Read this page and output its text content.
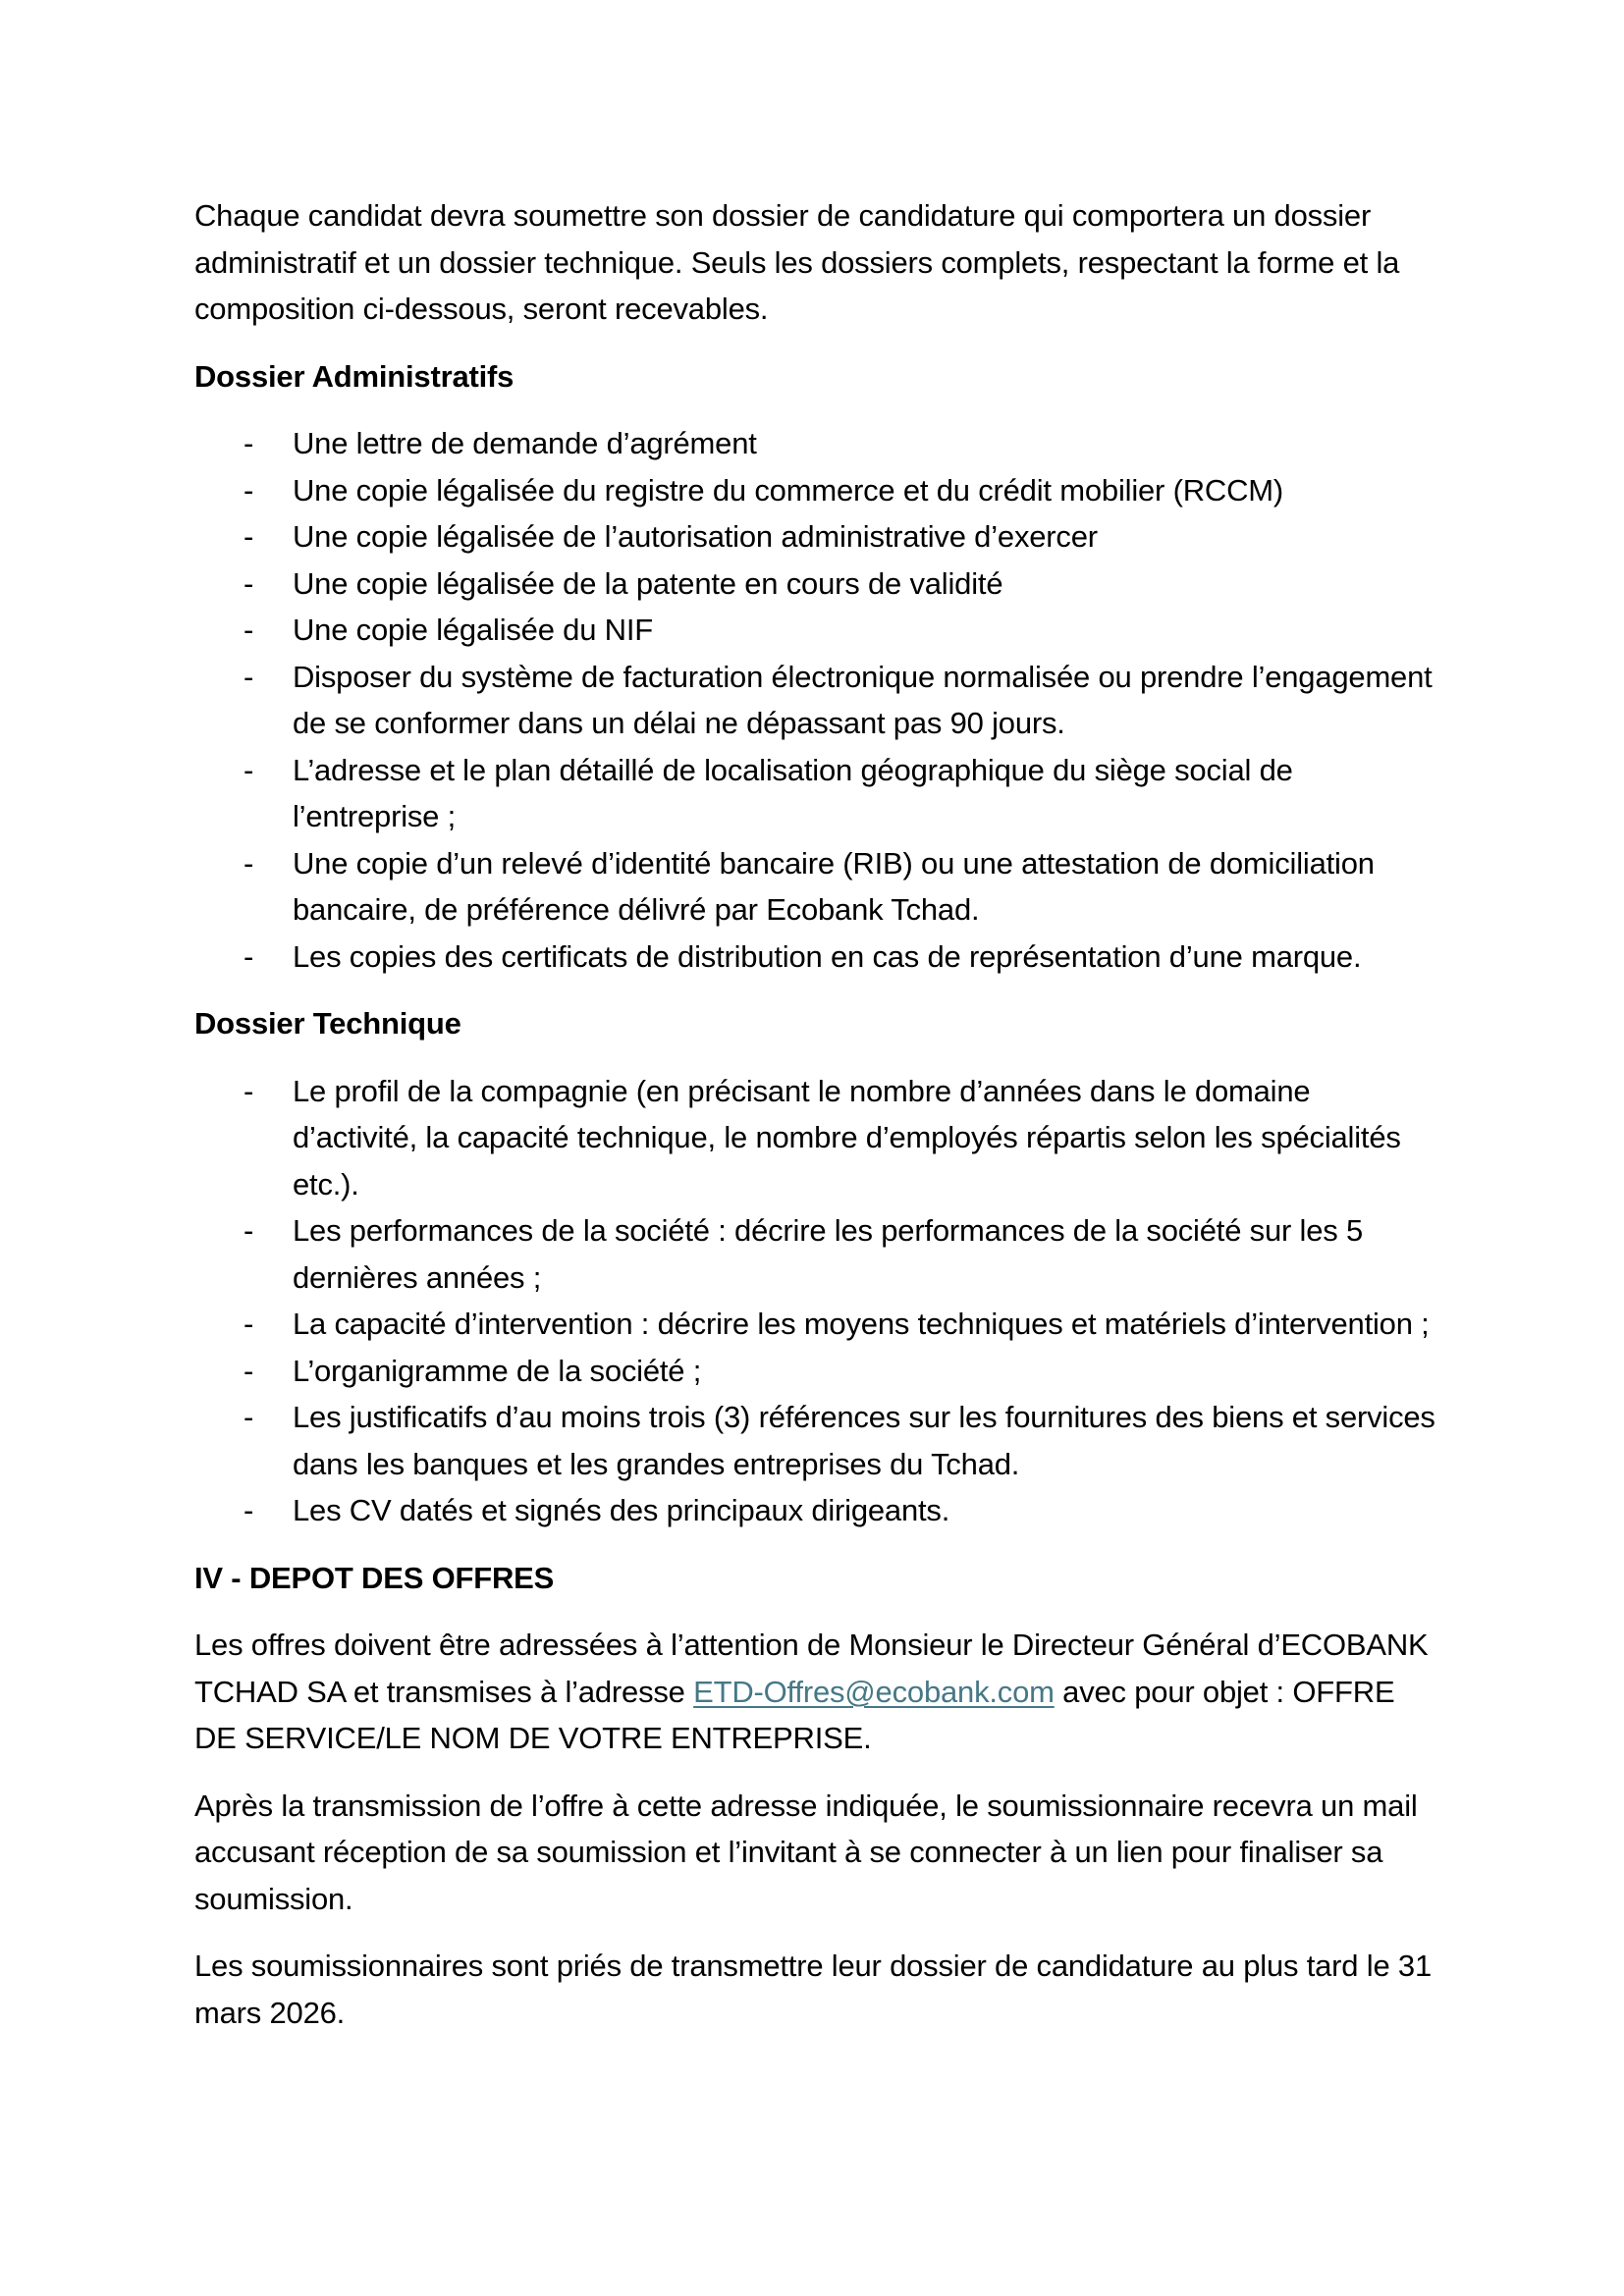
Chaque candidat devra soumettre son dossier de candidature qui comportera un dossier administratif et un dossier technique. Seuls les dossiers complets, respectant la forme et la composition ci-dessous, seront recevables.

Dossier Administratifs

- Une lettre de demande d’agrément
- Une copie légalisée du registre du commerce et du crédit mobilier (RCCM)
- Une copie légalisée de l’autorisation administrative d’exercer
- Une copie légalisée de la patente en cours de validité
- Une copie légalisée du NIF
- Disposer du système de facturation électronique normalisée ou prendre l’engagement de se conformer dans un délai ne dépassant pas 90 jours.
- L’adresse et le plan détaillé de localisation géographique du siège social de l’entreprise ;
- Une copie d’un relevé d’identité bancaire (RIB) ou une attestation de domiciliation bancaire, de préférence délivré par Ecobank Tchad.
- Les copies des certificats de distribution en cas de représentation d’une marque.

Dossier Technique

- Le profil de la compagnie (en précisant le nombre d’années dans le domaine d’activité, la capacité technique, le nombre d’employés répartis selon les spécialités etc.).
- Les performances de la société : décrire les performances de la société sur les 5 dernières années ;
- La capacité d’intervention : décrire les moyens techniques et matériels d’intervention ;
- L’organigramme de la société ;
- Les justificatifs d’au moins trois (3) références sur les fournitures des biens et services dans les banques et les grandes entreprises du Tchad.
- Les CV datés et signés des principaux dirigeants.

IV - DEPOT DES OFFRES

Les offres doivent être adressées à l’attention de Monsieur le Directeur Général d’ECOBANK TCHAD SA et transmises à l’adresse ETD-Offres@ecobank.com avec pour objet : OFFRE DE SERVICE/LE NOM DE VOTRE ENTREPRISE.

Après la transmission de l’offre à cette adresse indiquée, le soumissionnaire recevra un mail accusant réception de sa soumission et l’invitant à se connecter à un lien pour finaliser sa soumission.

Les soumissionnaires sont priés de transmettre leur dossier de candidature au plus tard le 31 mars 2026.
